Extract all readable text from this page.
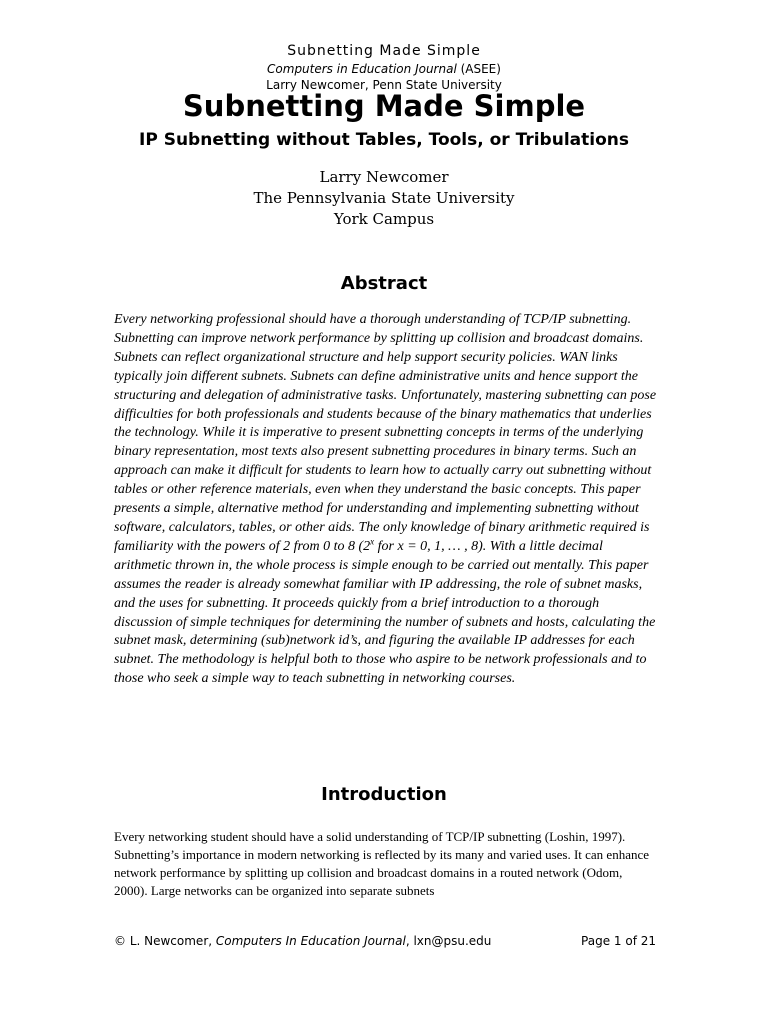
Subnetting Made Simple
Computers in Education Journal (ASEE)
Larry Newcomer, Penn State University
Subnetting Made Simple
IP Subnetting without Tables, Tools, or Tribulations
Larry Newcomer
The Pennsylvania State University
York Campus
Abstract
Every networking professional should have a thorough understanding of TCP/IP subnetting. Subnetting can improve network performance by splitting up collision and broadcast domains. Subnets can reflect organizational structure and help support security policies. WAN links typically join different subnets. Subnets can define administrative units and hence support the structuring and delegation of administrative tasks. Unfortunately, mastering subnetting can pose difficulties for both professionals and students because of the binary mathematics that underlies the technology. While it is imperative to present subnetting concepts in terms of the underlying binary representation, most texts also present subnetting procedures in binary terms. Such an approach can make it difficult for students to learn how to actually carry out subnetting without tables or other reference materials, even when they understand the basic concepts. This paper presents a simple, alternative method for understanding and implementing subnetting without software, calculators, tables, or other aids. The only knowledge of binary arithmetic required is familiarity with the powers of 2 from 0 to 8 (2$^x$ for x = 0, 1, … , 8). With a little decimal arithmetic thrown in, the whole process is simple enough to be carried out mentally. This paper assumes the reader is already somewhat familiar with IP addressing, the role of subnet masks, and the uses for subnetting. It proceeds quickly from a brief introduction to a thorough discussion of simple techniques for determining the number of subnets and hosts, calculating the subnet mask, determining (sub)network id’s, and figuring the available IP addresses for each subnet. The methodology is helpful both to those who aspire to be network professionals and to those who seek a simple way to teach subnetting in networking courses.
Introduction
Every networking student should have a solid understanding of TCP/IP subnetting (Loshin, 1997). Subnetting’s importance in modern networking is reflected by its many and varied uses. It can enhance network performance by splitting up collision and broadcast domains in a routed network (Odom, 2000). Large networks can be organized into separate subnets
© L. Newcomer, Computers In Education Journal, lxn@psu.edu	Page 1 of 21
